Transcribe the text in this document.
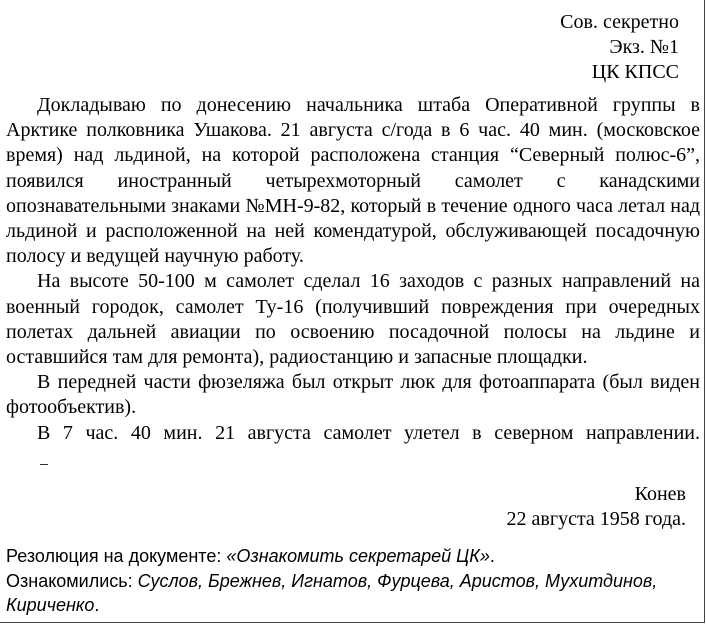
Сов. секретно
Экз. №1
ЦК КПСС

Докладываю по донесению начальника штаба Оперативной группы в Арктике полковника Ушакова. 21 августа с/года в 6 час. 40 мин. (московское время) над льдиной, на которой расположена станция “Северный полюс-6”, появился иностранный четырехмоторный самолет с канадскими опознавательными знаками №МН-9-82, который в течение одного часа летал над льдиной и расположенной на ней комендатурой, обслуживающей посадочную полосу и ведущей научную работу.

На высоте 50-100 м самолет сделал 16 заходов с разных направлений на военный городок, самолет Ту-16 (получивший повреждения при очередных полетах дальней авиации по освоению посадочной полосы на льдине и оставшийся там для ремонта), радиостанцию и запасные площадки.

В передней части фюзеляжа был открыт люк для фотоаппарата (был виден фотообъектив).

В 7 час. 40 мин. 21 августа самолет улетел в северном направлении.

Конев
22 августа 1958 года.
Резолюция на документе: «Ознакомить секретарей ЦК».
Ознакомились: Суслов, Брежнев, Игнатов, Фурцева, Аристов, Мухитдинов, Кириченко.
